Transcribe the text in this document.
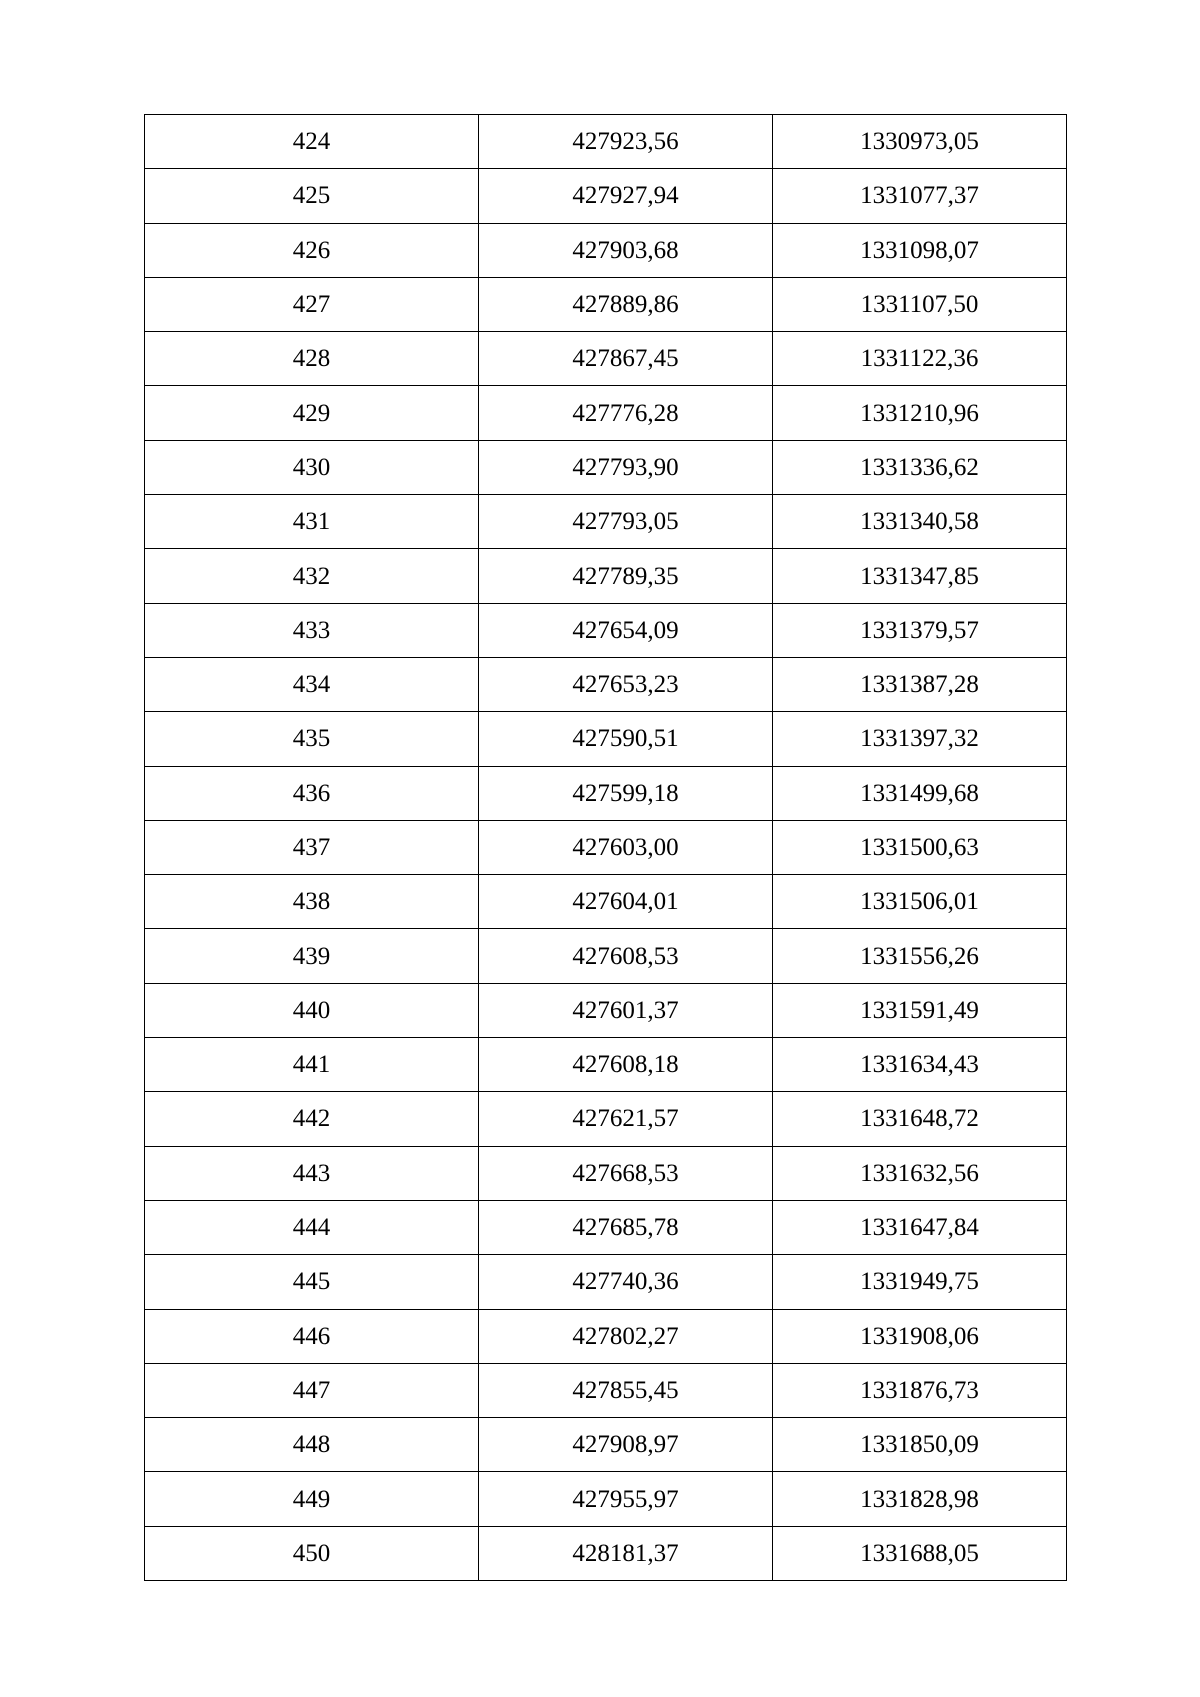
424	427923,56	1330973,05
425	427927,94	1331077,37
426	427903,68	1331098,07
427	427889,86	1331107,50
428	427867,45	1331122,36
429	427776,28	1331210,96
430	427793,90	1331336,62
431	427793,05	1331340,58
432	427789,35	1331347,85
433	427654,09	1331379,57
434	427653,23	1331387,28
435	427590,51	1331397,32
436	427599,18	1331499,68
437	427603,00	1331500,63
438	427604,01	1331506,01
439	427608,53	1331556,26
440	427601,37	1331591,49
441	427608,18	1331634,43
442	427621,57	1331648,72
443	427668,53	1331632,56
444	427685,78	1331647,84
445	427740,36	1331949,75
446	427802,27	1331908,06
447	427855,45	1331876,73
448	427908,97	1331850,09
449	427955,97	1331828,98
450	428181,37	1331688,05
